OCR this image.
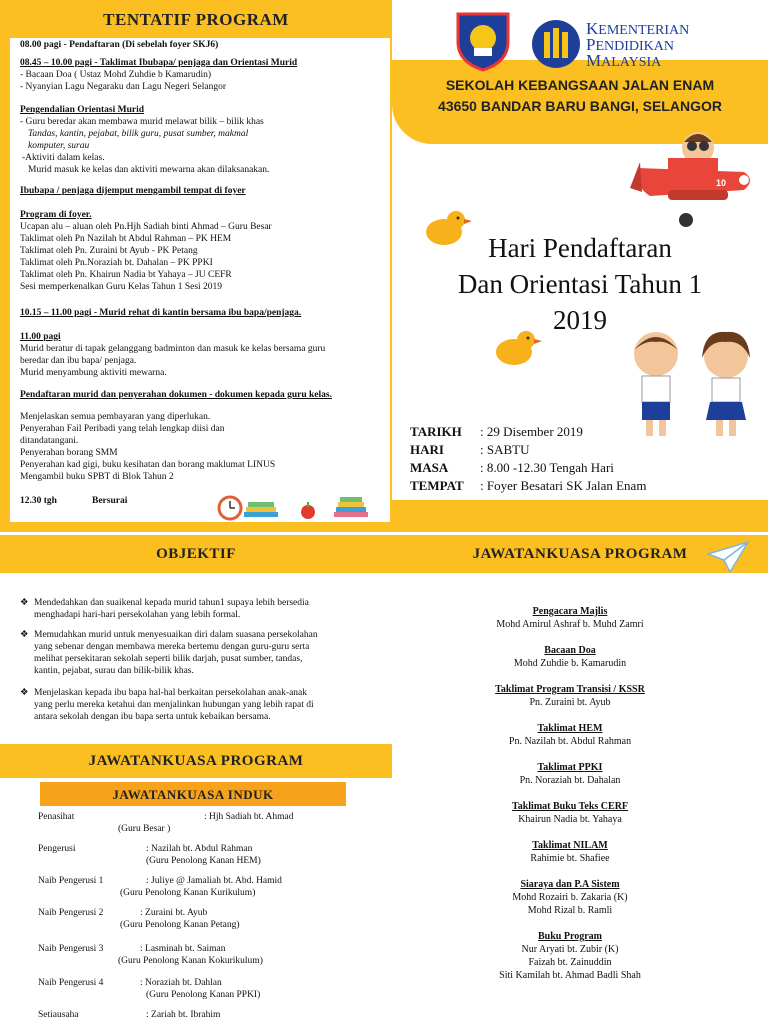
TENTATIF PROGRAM
08.00 pagi - Pendaftaran (Di sebelah foyer SKJ6)
08.45 – 10.00 pagi - Taklimat Ibubapa/ penjaga dan Orientasi Murid
- Bacaan Doa ( Ustaz Mohd Zuhdie b Kamarudin)
- Nyanyian Lagu Negaraku dan Lagu Negeri Selangor
Pengendalian Orientasi Murid
- Guru beredar akan membawa murid melawat bilik – bilik khas
Tandas, kantin, pejabat, bilik guru, pusat sumber, makmal
komputer, surau
-Aktiviti dalam kelas.
Murid masuk ke kelas dan aktiviti mewarna akan dilaksanakan.
Ibubapa / penjaga dijemput mengambil tempat di foyer
Program di foyer.
Ucapan alu – aluan oleh Pn.Hjh Sadiah binti Ahmad – Guru Besar
Taklimat oleh Pn Nazilah bt Abdul Rahman – PK HEM
Taklimat oleh Pn. Zuraini bt Ayub - PK Petang
Taklimat oleh Pn.Noraziah bt. Dahalan – PK PPKI
Taklimat oleh Pn. Khairun Nadia bt Yahaya – JU CEFR
Sesi memperkenalkan Guru Kelas Tahun 1 Sesi 2019
10.15 – 11.00 pagi - Murid rehat di kantin bersama ibu bapa/penjaga.
11.00 pagi
Murid beratur di tapak gelanggang badminton dan masuk ke kelas bersama guru
beredar dan ibu bapa/ penjaga.
Murid menyambung aktiviti mewarna.
Pendaftaran murid dan penyerahan dokumen - dokumen kepada guru kelas.
Menjelaskan semua pembayaran yang diperlukan.
Penyerahan Fail Peribadi yang telah lengkap diisi dan
ditandatangani.
Penyerahan borang SMM
Penyerahan kad gigi, buku kesihatan dan borang maklumat LINUS
Mengambil buku SPBT di Blok Tahun 2
12.30 tgh	Bersurai
KEMENTERIAN
PENDIDIKAN
MALAYSIA
SEKOLAH KEBANGSAAN JALAN ENAM
43650 BANDAR BARU BANGI, SELANGOR
10
Hari Pendaftaran
Dan Orientasi Tahun 1
2019
TARIKH : 29 Disember 2019
HARI	: SABTU
MASA : 8.00 -12.30 Tengah Hari
TEMPAT : Foyer Besatari SK Jalan Enam
OBJEKTIF
❖ Mendedahkan dan suaikenal kepada murid tahun1 supaya lebih bersedia
menghadapi hari-hari persekolahan yang lebih formal.
❖ Memudahkan murid untuk menyesuaikan diri dalam suasana persekolahan
yang sebenar dengan membawa mereka bertemu dengan guru-guru serta
melihat persekitaran sekolah seperti bilik darjah, pusat sumber, tandas,
kantin, pejabat, surau dan bilik-bilik khas.
❖ Menjelaskan kepada ibu bapa hal-hal berkaitan persekolahan anak-anak
yang perlu mereka ketahui dan menjalinkan hubungan yang lebih rapat di
antara sekolah dengan ibu bapa serta untuk kebaikan bersama.
JAWATANKUASA PROGRAM
JAWATANKUASA INDUK
Penasihat	: Hjh Sadiah bt. Ahmad
(Guru Besar )
Pengerusi	: Nazilah bt. Abdul Rahman
(Guru Penolong Kanan HEM)
Naib Pengerusi 1	: Juliye @ Jamaliah bt. Abd. Hamid
(Guru Penolong Kanan Kurikulum)
Naib Pengerusi 2	: Zuraini bt. Ayub
(Guru Penolong Kanan Petang)
Naib Pengerusi 3	: Lasminah bt. Saiman
(Guru Penolong Kanan Kokurikulum)
Naib Pengerusi 4	: Noraziah bt. Dahlan
(Guru Penolong Kanan PPKI)
Setiausaha	: Zariah bt. Ibrahim
JAWATANKUASA PROGRAM
Pengacara Majlis
Mohd Amirul Ashraf b. Muhd Zamri
Bacaan Doa
Mohd Zuhdie b. Kamarudin
Taklimat Program Transisi / KSSR
Pn. Zuraini bt. Ayub
Taklimat HEM
Pn. Nazilah bt. Abdul Rahman
Taklimat PPKI
Pn. Noraziah bt. Dahalan
Taklimat Buku Teks CERF
Khairun Nadia bt. Yahaya
Taklimat NILAM
Rahimie bt. Shafiee
Siaraya dan P.A Sistem
Mohd Rozairi b. Zakaria (K)
Mohd Rizal b. Ramli
Buku Program
Nur Aryati bt. Zubir (K)
Faizah bt. Zainuddin
Siti Kamilah bt. Ahmad Badli Shah
